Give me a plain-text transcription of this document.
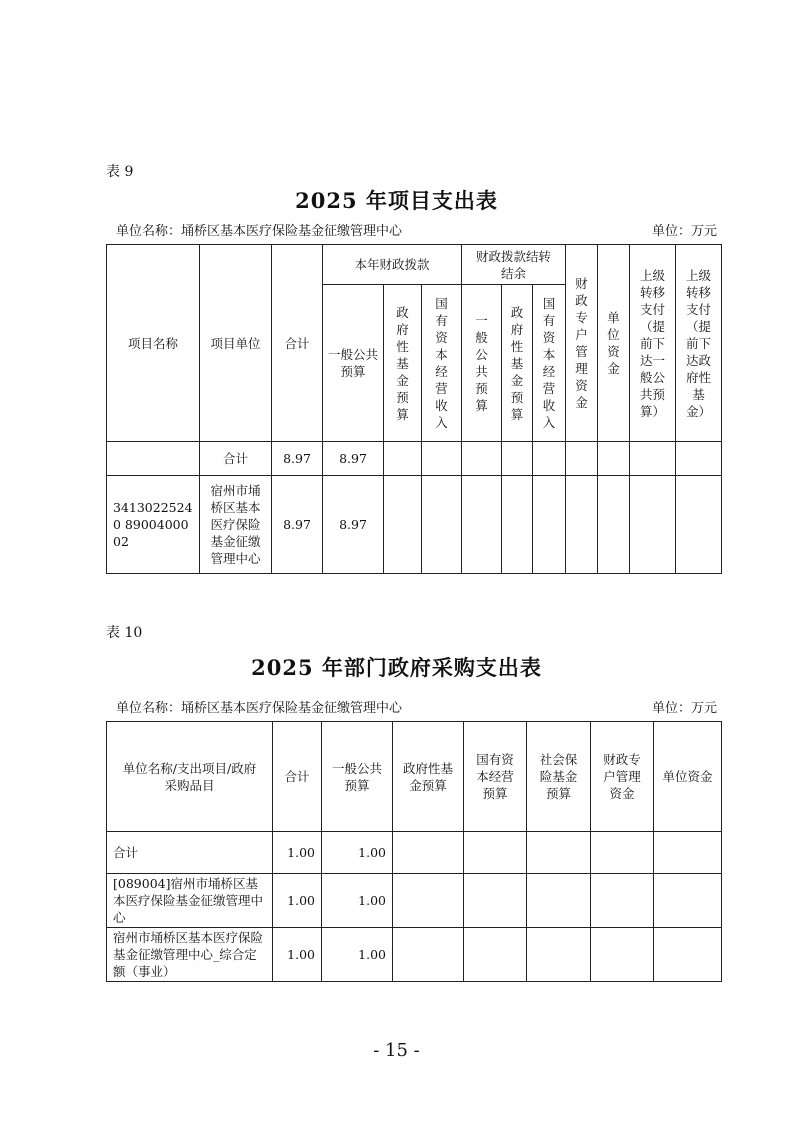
表 9
2025 年项目支出表
单位名称：埇桥区基本医疗保险基金征缴管理中心	单位：万元
项目名称	项目单位	合计	本年财政拨款			财政拨款结转结余			财政专户管理资金	单位资金	上级转移支付（提前下达一般公共预算）	上级转移支付（提前下达政府性基金）
			一般公共预算	政府性基金预算	国有资本经营收入	一般公共预算	政府性基金预算	国有资本经营收入				
	合计	8.97	8.97									
34130225240 8900400002	宿州市埇桥区基本医疗保险基金征缴管理中心	8.97	8.97									
表 10
2025 年部门政府采购支出表
单位名称：埇桥区基本医疗保险基金征缴管理中心	单位：万元
单位名称/支出项目/政府采购品目	合计	一般公共预算	政府性基金预算	国有资本经营预算	社会保险基金预算	财政专户管理资金	单位资金
合计	1.00	1.00					
[089004]宿州市埇桥区基本医疗保险基金征缴管理中心	1.00	1.00					
宿州市埇桥区基本医疗保险基金征缴管理中心_综合定额（事业）	1.00	1.00					
- 15 -
